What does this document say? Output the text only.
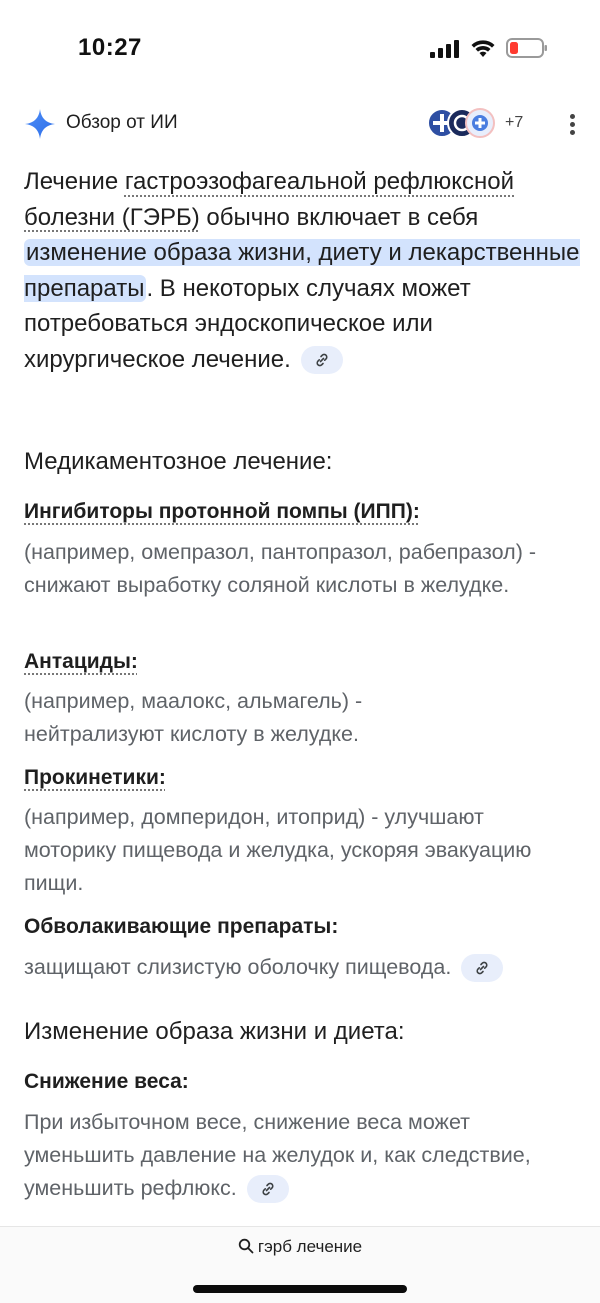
10:27
Обзор от ИИ	+7

Лечение гастроэзофагеальной рефлюксной болезни (ГЭРБ) обычно включает в себя изменение образа жизни, диету и лекарственные препараты. В некоторых случаях может потребоваться эндоскопическое или хирургическое лечение.

Медикаментозное лечение:
Ингибиторы протонной помпы (ИПП):
(например, омепразол, пантопразол, рабепразол) - снижают выработку соляной кислоты в желудке.
Антациды:
(например, маалокс, альмагель) - нейтрализуют кислоту в желудке.
Прокинетики:
(например, домперидон, итоприд) - улучшают моторику пищевода и желудка, ускоряя эвакуацию пищи.
Обволакивающие препараты:
защищают слизистую оболочку пищевода.
Изменение образа жизни и диета:
Снижение веса:
При избыточном весе, снижение веса может уменьшить давление на желудок и, как следствие, уменьшить рефлюкс.
гэрб лечение
